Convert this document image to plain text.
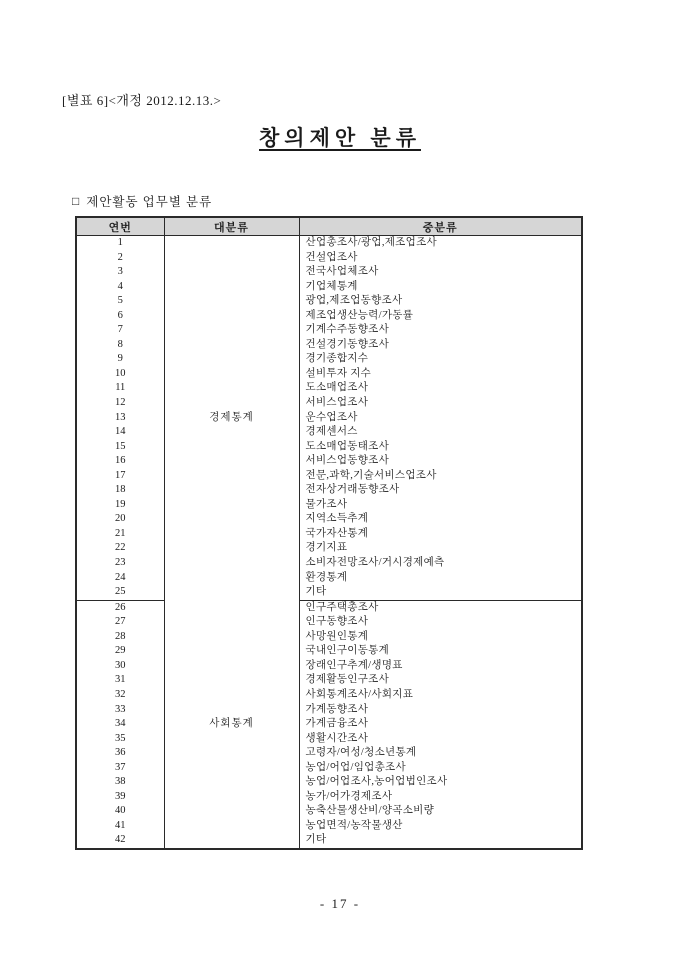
[별표 6]<개정 2012.12.13.>
창의제안 분류
□ 제안활동 업무별 분류
연번	대분류	중분류
1	경제통계	산업총조사/광업,제조업조사
2		건설업조사
3		전국사업체조사
4		기업체통계
5		광업,제조업동향조사
6		제조업생산능력/가동률
7		기계수주동향조사
8		건설경기동향조사
9		경기종합지수
10		설비투자 지수
11		도소매업조사
12		서비스업조사
13		운수업조사
14		경제센서스
15		도소매업동태조사
16		서비스업동향조사
17		전문,과학,기술서비스업조사
18		전자상거래동향조사
19		물가조사
20		지역소득추계
21		국가자산통계
22		경기지표
23		소비자전망조사/거시경제예측
24		환경통계
25		기타
26	사회통계	인구주택총조사
27		인구동향조사
28		사망원인통계
29		국내인구이동통계
30		장래인구추계/생명표
31		경제활동인구조사
32		사회통계조사/사회지표
33		가계동향조사
34		가계금융조사
35		생활시간조사
36		고령자/여성/청소년통계
37		농업/어업/임업총조사
38		농업/어업조사,농어업법인조사
39		농가/어가경제조사
40		농축산물생산비/양곡소비량
41		농업면적/농작물생산
42		기타
- 17 -
